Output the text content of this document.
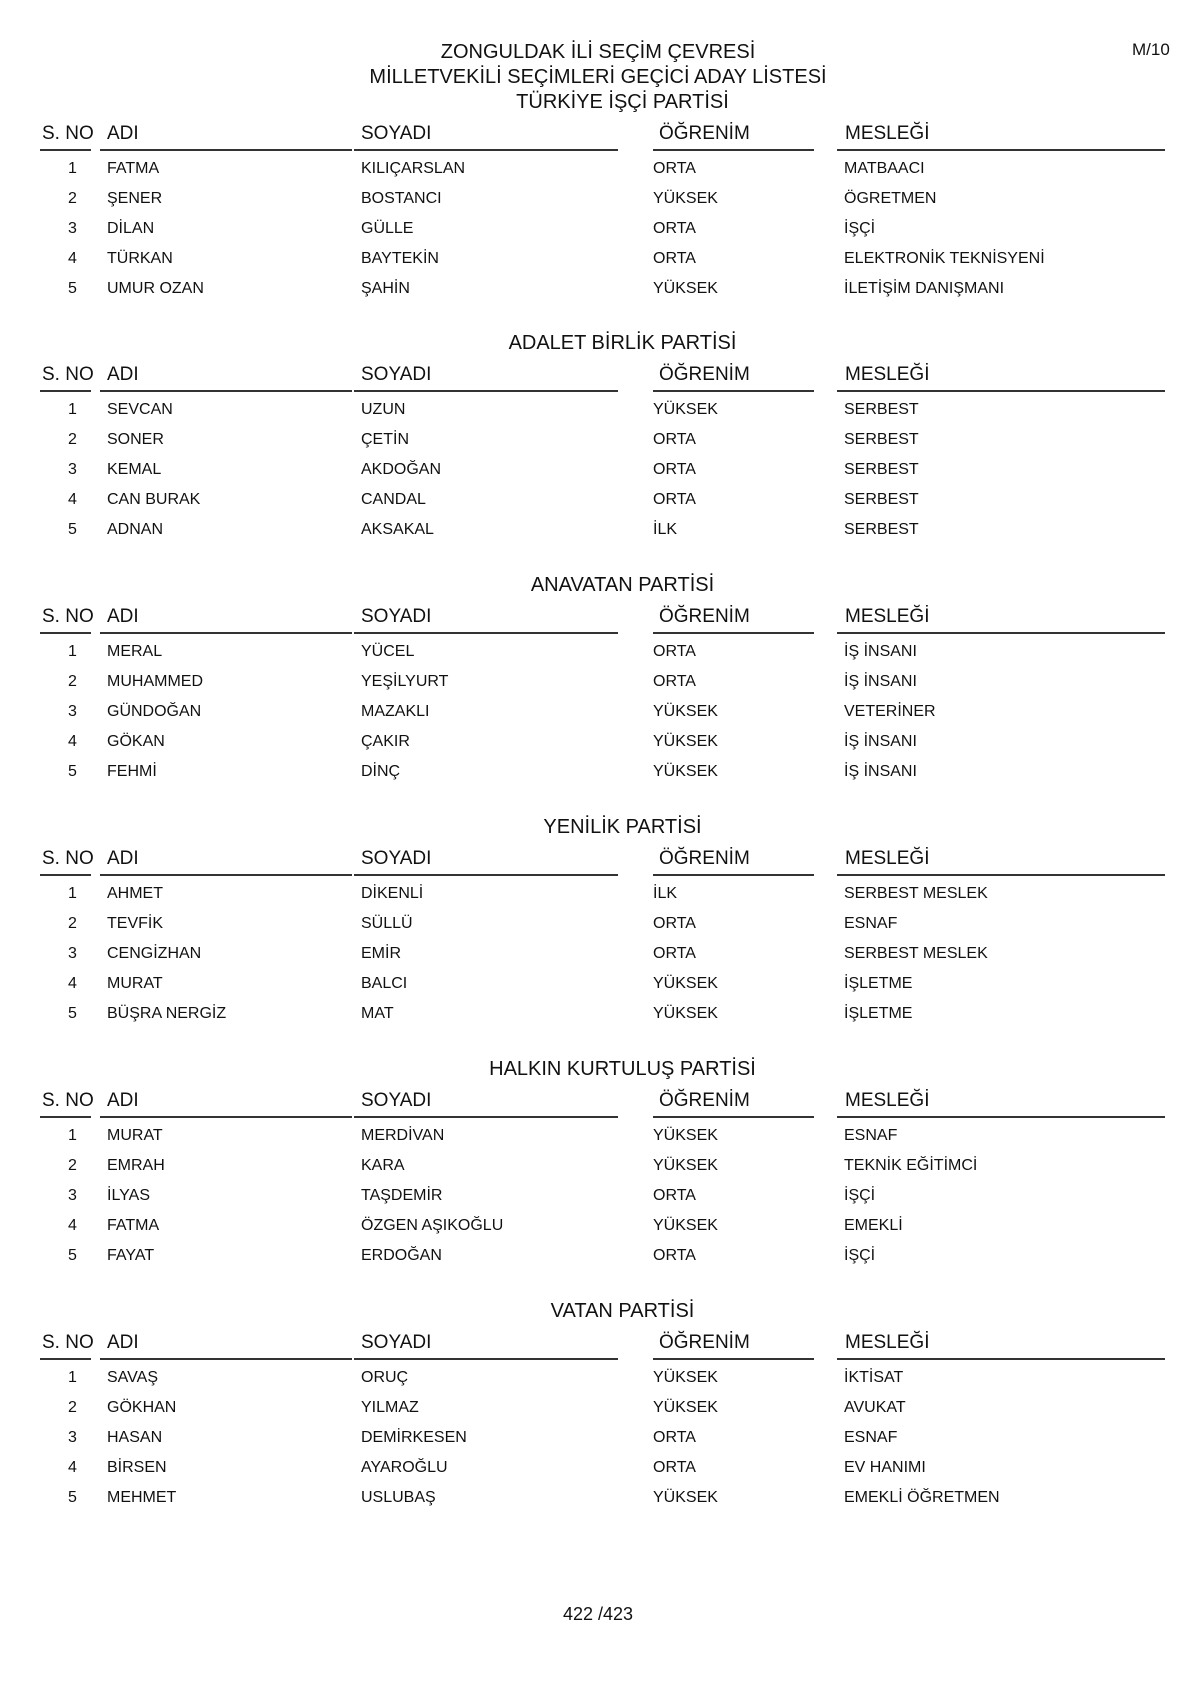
M/10
ZONGULDAK İLİ SEÇİM ÇEVRESİ
MİLLETVEKİLİ SEÇİMLERİ GEÇİCİ ADAY LİSTESİ
TÜRKİYE İŞÇİ PARTİSİ
S. NO ADI	SOYADI	ÖĞRENİM	MESLEĞİ
1 FATMA	KILIÇARSLAN	ORTA	MATBAACI
2 ŞENER	BOSTANCI	YÜKSEK	ÖGRETMEN
3 DİLAN	GÜLLE	ORTA	İŞÇİ
4 TÜRKAN	BAYTEKİN	ORTA	ELEKTRONİK TEKNİSYENİ
5 UMUR OZAN	ŞAHİN	YÜKSEK	İLETİŞİM DANIŞMANI
ADALET BİRLİK PARTİSİ
S. NO ADI	SOYADI	ÖĞRENİM	MESLEĞİ
1 SEVCAN	UZUN	YÜKSEK	SERBEST
2 SONER	ÇETİN	ORTA	SERBEST
3 KEMAL	AKDOĞAN	ORTA	SERBEST
4 CAN BURAK	CANDAL	ORTA	SERBEST
5 ADNAN	AKSAKAL	İLK	SERBEST
ANAVATAN PARTİSİ
S. NO ADI	SOYADI	ÖĞRENİM	MESLEĞİ
1 MERAL	YÜCEL	ORTA	İŞ İNSANI
2 MUHAMMED	YEŞİLYURT	ORTA	İŞ İNSANI
3 GÜNDOĞAN	MAZAKLI	YÜKSEK	VETERİNER
4 GÖKAN	ÇAKIR	YÜKSEK	İŞ İNSANI
5 FEHMİ	DİNÇ	YÜKSEK	İŞ İNSANI
YENİLİK PARTİSİ
S. NO ADI	SOYADI	ÖĞRENİM	MESLEĞİ
1 AHMET	DİKENLİ	İLK	SERBEST MESLEK
2 TEVFİK	SÜLLÜ	ORTA	ESNAF
3 CENGİZHAN	EMİR	ORTA	SERBEST MESLEK
4 MURAT	BALCI	YÜKSEK	İŞLETME
5 BÜŞRA NERGİZ	MAT	YÜKSEK	İŞLETME
HALKIN KURTULUŞ PARTİSİ
S. NO ADI	SOYADI	ÖĞRENİM	MESLEĞİ
1 MURAT	MERDİVAN	YÜKSEK	ESNAF
2 EMRAH	KARA	YÜKSEK	TEKNİK EĞİTİMCİ
3 İLYAS	TAŞDEMİR	ORTA	İŞÇİ
4 FATMA	ÖZGEN AŞIKOĞLU	YÜKSEK	EMEKLİ
5 FAYAT	ERDOĞAN	ORTA	İŞÇİ
VATAN PARTİSİ
S. NO ADI	SOYADI	ÖĞRENİM	MESLEĞİ
1 SAVAŞ	ORUÇ	YÜKSEK	İKTİSAT
2 GÖKHAN	YILMAZ	YÜKSEK	AVUKAT
3 HASAN	DEMİRKESEN	ORTA	ESNAF
4 BİRSEN	AYAROĞLU	ORTA	EV HANIMI
5 MEHMET	USLUBAŞ	YÜKSEK	EMEKLİ ÖĞRETMEN
422 /423
